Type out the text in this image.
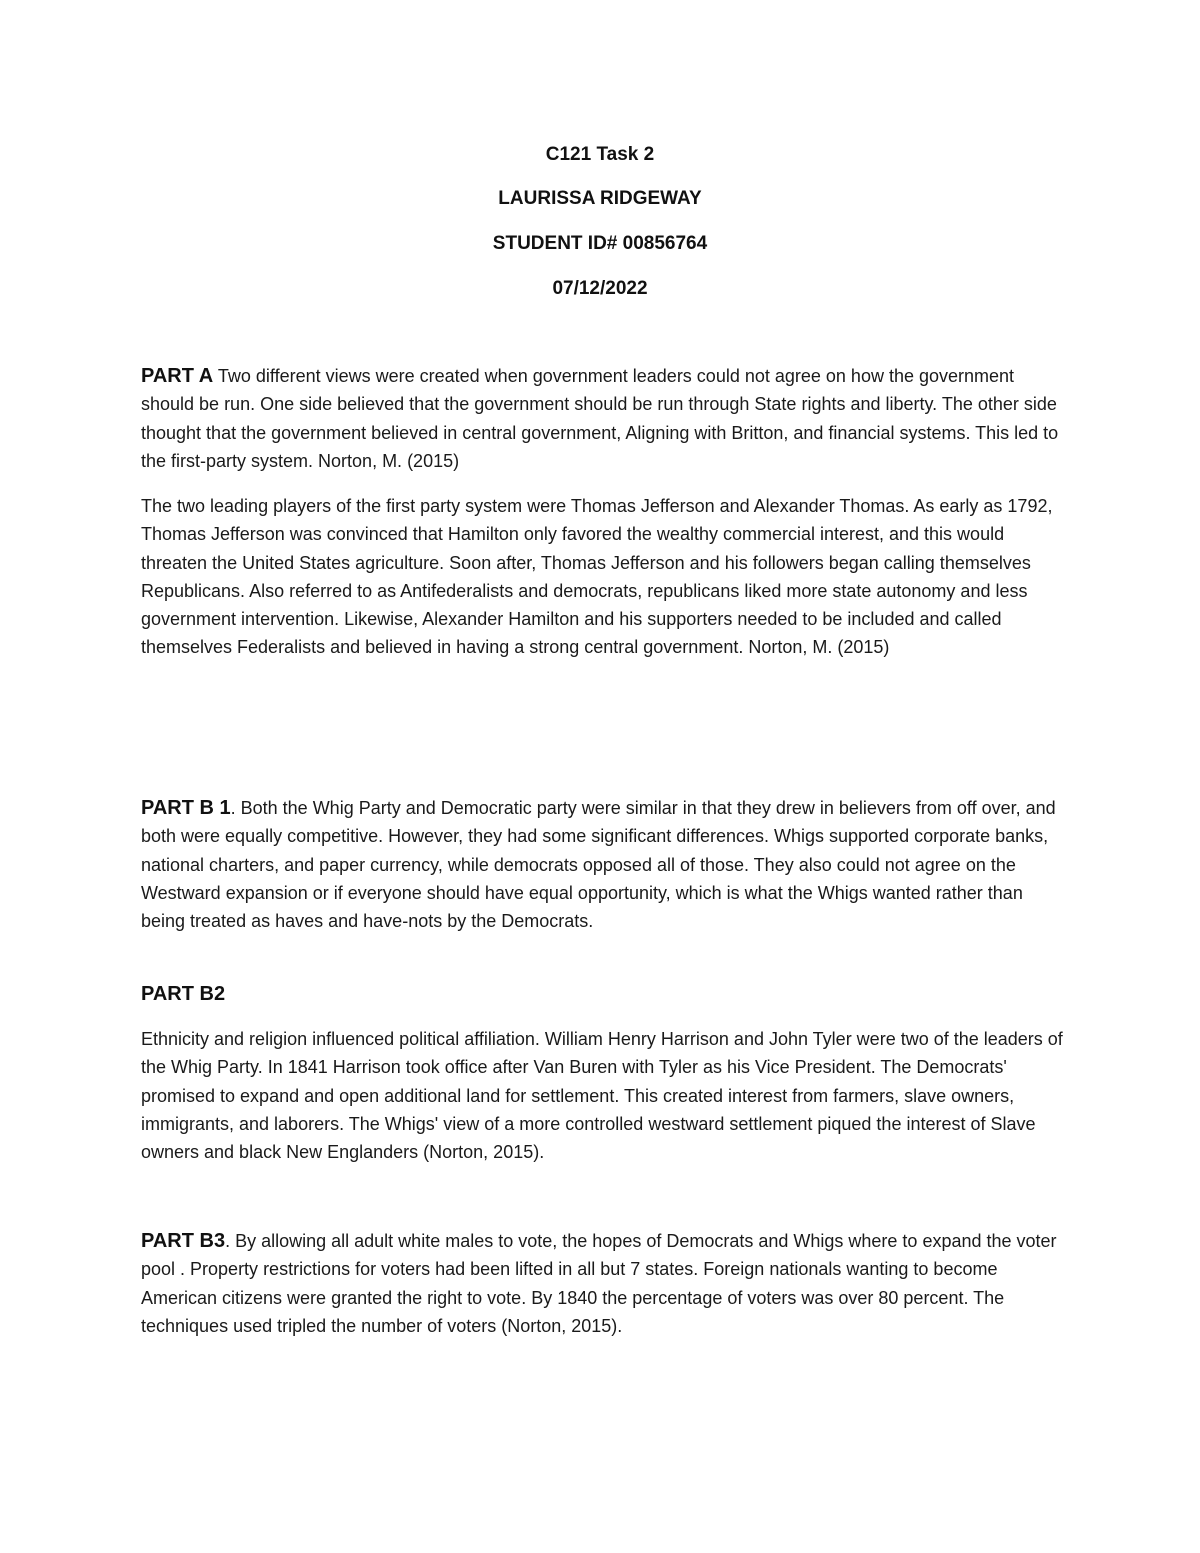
C121 Task 2
LAURISSA RIDGEWAY
STUDENT ID# 00856764
07/12/2022
PART A Two different views were created when government leaders could not agree on how the government should be run. One side believed that the government should be run through State rights and liberty. The other side thought that the government believed in central government, Aligning with Britton, and financial systems. This led to the first-party system. Norton, M. (2015)
The two leading players of the first party system were Thomas Jefferson and Alexander Thomas. As early as 1792, Thomas Jefferson was convinced that Hamilton only favored the wealthy commercial interest, and this would threaten the United States agriculture. Soon after, Thomas Jefferson and his followers began calling themselves Republicans. Also referred to as Antifederalists and democrats, republicans liked more state autonomy and less government intervention. Likewise, Alexander Hamilton and his supporters needed to be included and called themselves Federalists and believed in having a strong central government. Norton, M. (2015)
PART B 1. Both the Whig Party and Democratic party were similar in that they drew in believers from off over, and both were equally competitive. However, they had some significant differences. Whigs supported corporate banks, national charters, and paper currency, while democrats opposed all of those. They also could not agree on the Westward expansion or if everyone should have equal opportunity, which is what the Whigs wanted rather than being treated as haves and have-nots by the Democrats.
PART B2
Ethnicity and religion influenced political affiliation. William Henry Harrison and John Tyler were two of the leaders of the Whig Party. In 1841 Harrison took office after Van Buren with Tyler as his Vice President. The Democrats' promised to expand and open additional land for settlement. This created interest from farmers, slave owners, immigrants, and laborers. The Whigs' view of a more controlled westward settlement piqued the interest of Slave owners and black New Englanders (Norton, 2015).
PART B3. By allowing all adult white males to vote, the hopes of Democrats and Whigs where to expand the voter pool . Property restrictions for voters had been lifted in all but 7 states. Foreign nationals wanting to become American citizens were granted the right to vote. By 1840 the percentage of voters was over 80 percent. The techniques used tripled the number of voters (Norton, 2015).
